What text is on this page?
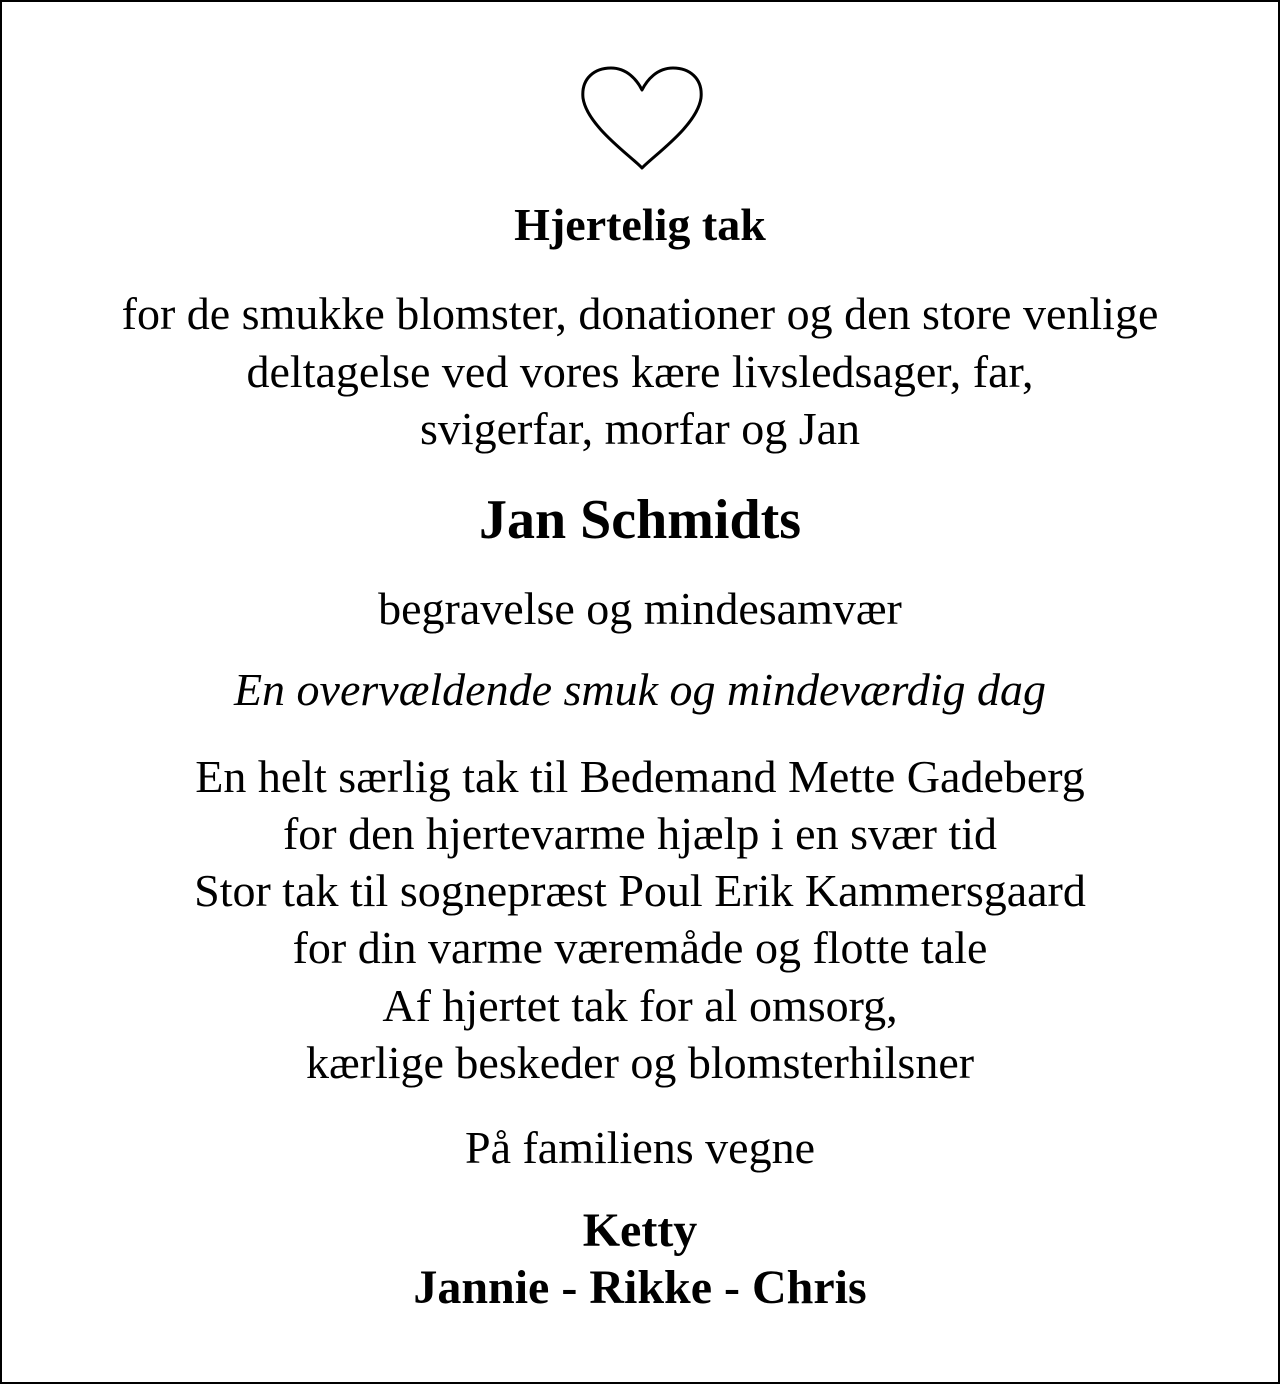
Hjertelig tak
for de smukke blomster, donationer og den store venlige
deltagelse ved vores kære livsledsager, far,
svigerfar, morfar og Jan
Jan Schmidts
begravelse og mindesamvær
En overvældende smuk og mindeværdig dag
En helt særlig tak til Bedemand Mette Gadeberg
for den hjertevarme hjælp i en svær tid
Stor tak til sognepræst Poul Erik Kammersgaard
for din varme væremåde og flotte tale
Af hjertet tak for al omsorg,
kærlige beskeder og blomsterhilsner
På familiens vegne
Ketty
Jannie - Rikke - Chris
